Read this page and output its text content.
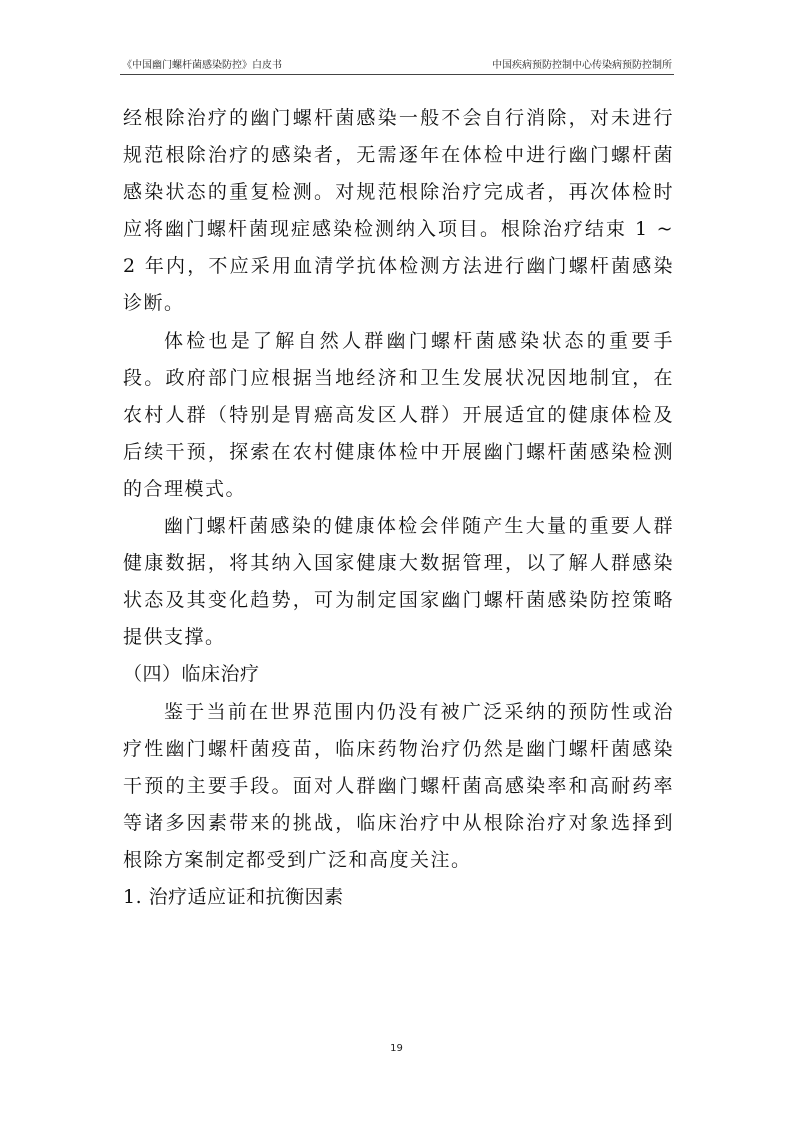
《中国幽门螺杆菌感染防控》白皮书	中国疾病预防控制中心传染病预防控制所

经根除治疗的幽门螺杆菌感染一般不会自行消除，对未进行规范根除治疗的感染者，无需逐年在体检中进行幽门螺杆菌感染状态的重复检测。对规范根除治疗完成者，再次体检时应将幽门螺杆菌现症感染检测纳入项目。根除治疗结束 1 ~ 2 年内，不应采用血清学抗体检测方法进行幽门螺杆菌感染诊断。

体检也是了解自然人群幽门螺杆菌感染状态的重要手段。政府部门应根据当地经济和卫生发展状况因地制宜，在农村人群（特别是胃癌高发区人群）开展适宜的健康体检及后续干预，探索在农村健康体检中开展幽门螺杆菌感染检测的合理模式。

幽门螺杆菌感染的健康体检会伴随产生大量的重要人群健康数据，将其纳入国家健康大数据管理，以了解人群感染状态及其变化趋势，可为制定国家幽门螺杆菌感染防控策略提供支撑。

（四）临床治疗

鉴于当前在世界范围内仍没有被广泛采纳的预防性或治疗性幽门螺杆菌疫苗，临床药物治疗仍然是幽门螺杆菌感染干预的主要手段。面对人群幽门螺杆菌高感染率和高耐药率等诸多因素带来的挑战，临床治疗中从根除治疗对象选择到根除方案制定都受到广泛和高度关注。

1. 治疗适应证和抗衡因素

19
